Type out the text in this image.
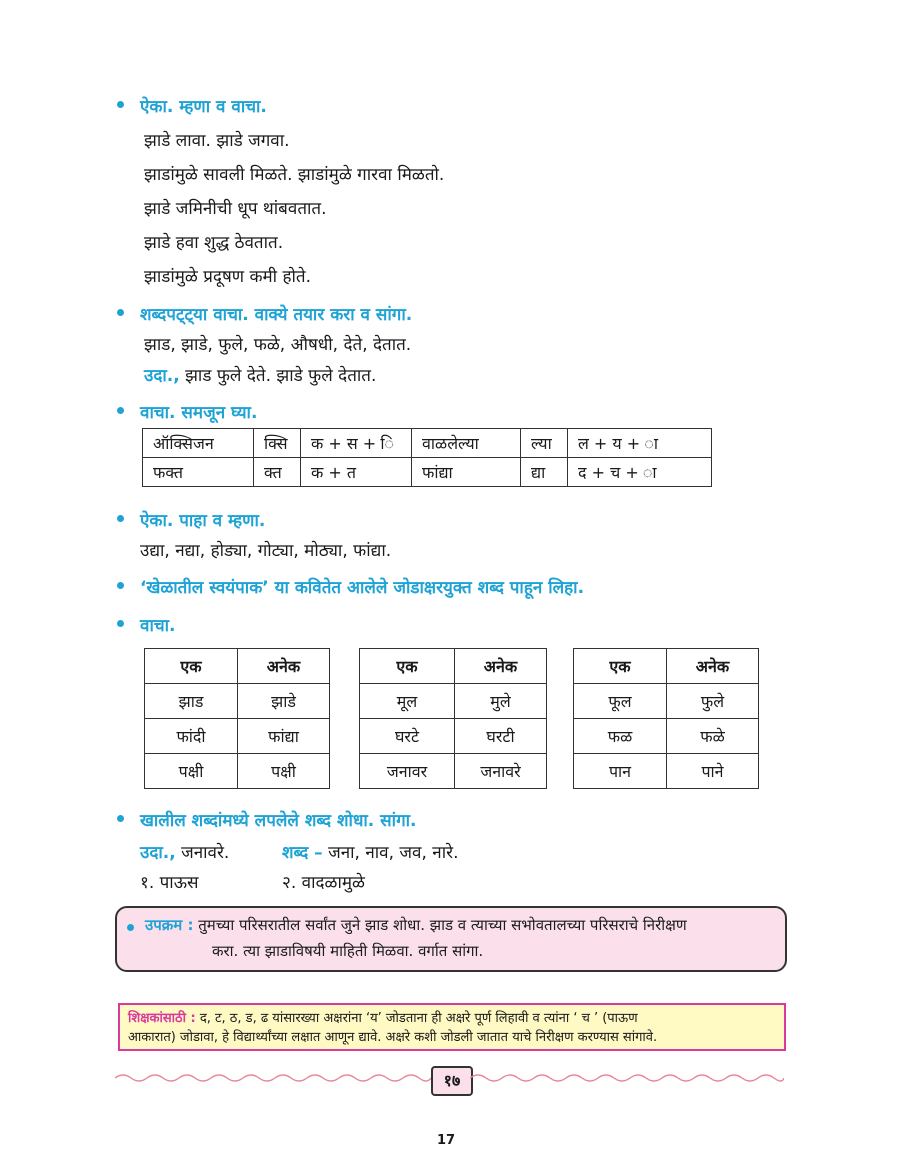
ऐका. म्हणा व वाचा.
झाडे लावा. झाडे जगवा.
झाडांमुळे सावली मिळते. झाडांमुळे गारवा मिळतो.
झाडे जमिनीची धूप थांबवतात.
झाडे हवा शुद्ध ठेवतात.
झाडांमुळे प्रदूषण कमी होते.
शब्दपट्ट्या वाचा. वाक्ये तयार करा व सांगा.
झाड, झाडे, फुले, फळे, औषधी, देते, देतात.
उदा., झाड फुले देते. झाडे फुले देतात.
वाचा. समजून घ्या.
ऑक्सिजन	क्सि	क + स + ि	वाळलेल्या	ल्या	ल + य + ा
फक्त	क्त	क + त	फांद्या	द्या	द + च + ा
ऐका. पाहा व म्हणा.
उद्या, नद्या, होड्या, गोट्या, मोठ्या, फांद्या.
‘खेळातील स्वयंपाक’ या कवितेत आलेले जोडाक्षरयुक्त शब्द पाहून लिहा.
वाचा.
एक	अनेक
झाड	झाडे
फांदी	फांद्या
पक्षी	पक्षी
एक	अनेक
मूल	मुले
घरटे	घरटी
जनावर	जनावरे
एक	अनेक
फूल	फुले
फळ	फळे
पान	पाने
खालील शब्दांमध्ये लपलेले शब्द शोधा. सांगा.
उदा., जनावरे.	शब्द – जना, नाव, जव, नारे.
१. पाऊस	२. वादळामुळे
उपक्रम : तुमच्या परिसरातील सर्वांत जुने झाड शोधा. झाड व त्याच्या सभोवतालच्या परिसराचे निरीक्षण
करा. त्या झाडाविषयी माहिती मिळवा. वर्गात सांगा.
शिक्षकांसाठी : द, ट, ठ, ड, ढ यांसारख्या अक्षरांना ‘य’ जोडताना ही अक्षरे पूर्ण लिहावी व त्यांना ‘ च ’ (पाऊण
आकारात) जोडावा, हे विद्यार्थ्यांच्या लक्षात आणून द्यावे. अक्षरे कशी जोडली जातात याचे निरीक्षण करण्यास सांगावे.
१७
17
